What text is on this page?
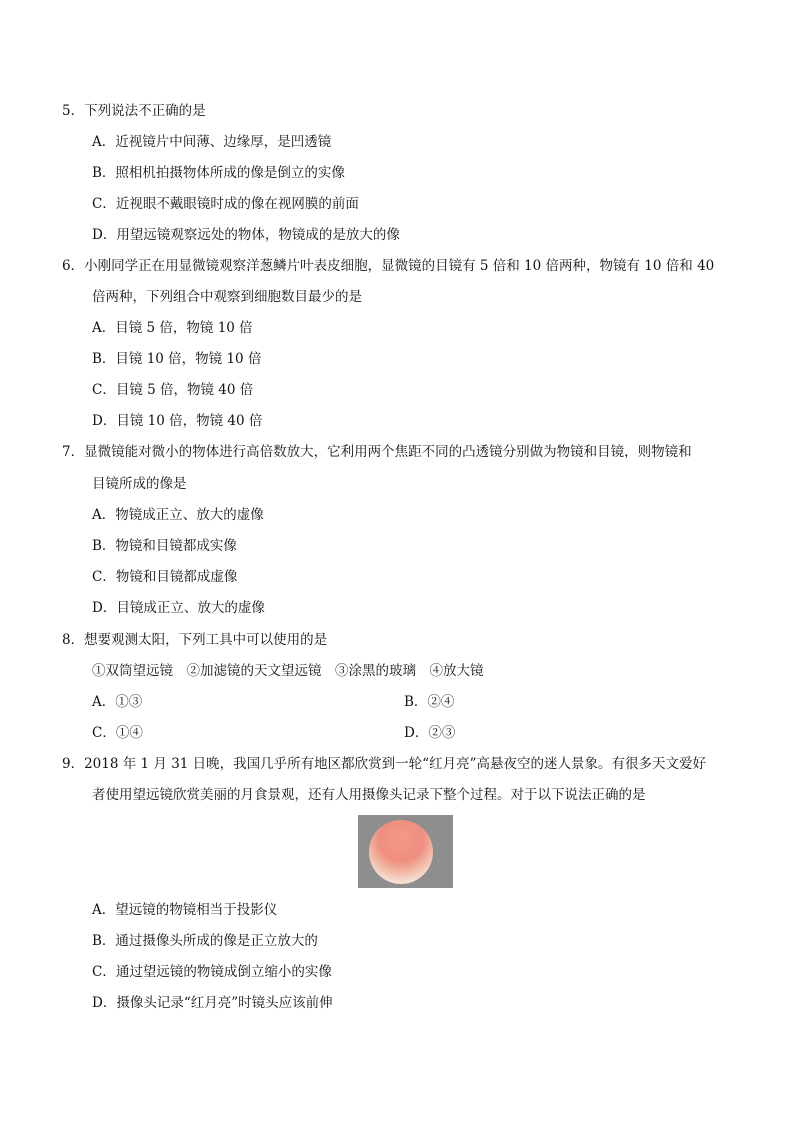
5．下列说法不正确的是
A．近视镜片中间薄、边缘厚，是凹透镜
B．照相机拍摄物体所成的像是倒立的实像
C．近视眼不戴眼镜时成的像在视网膜的前面
D．用望远镜观察远处的物体，物镜成的是放大的像
6．小刚同学正在用显微镜观察洋葱鳞片叶表皮细胞，显微镜的目镜有 5 倍和 10 倍两种，物镜有 10 倍和 40
倍两种，下列组合中观察到细胞数目最少的是
A．目镜 5 倍，物镜 10 倍
B．目镜 10 倍，物镜 10 倍
C．目镜 5 倍，物镜 40 倍
D．目镜 10 倍，物镜 40 倍
7．显微镜能对微小的物体进行高倍数放大，它利用两个焦距不同的凸透镜分别做为物镜和目镜，则物镜和
目镜所成的像是
A．物镜成正立、放大的虚像
B．物镜和目镜都成实像
C．物镜和目镜都成虚像
D．目镜成正立、放大的虚像
8．想要观测太阳，下列工具中可以使用的是
①双筒望远镜　②加滤镜的天文望远镜　③涂黑的玻璃　④放大镜
A．①③	B．②④
C．①④	D．②③
9．2018 年 1 月 31 日晚，我国几乎所有地区都欣赏到一轮“红月亮”高悬夜空的迷人景象。有很多天文爱好
者使用望远镜欣赏美丽的月食景观，还有人用摄像头记录下整个过程。对于以下说法正确的是
A．望远镜的物镜相当于投影仪
B．通过摄像头所成的像是正立放大的
C．通过望远镜的物镜成倒立缩小的实像
D．摄像头记录“红月亮”时镜头应该前伸
